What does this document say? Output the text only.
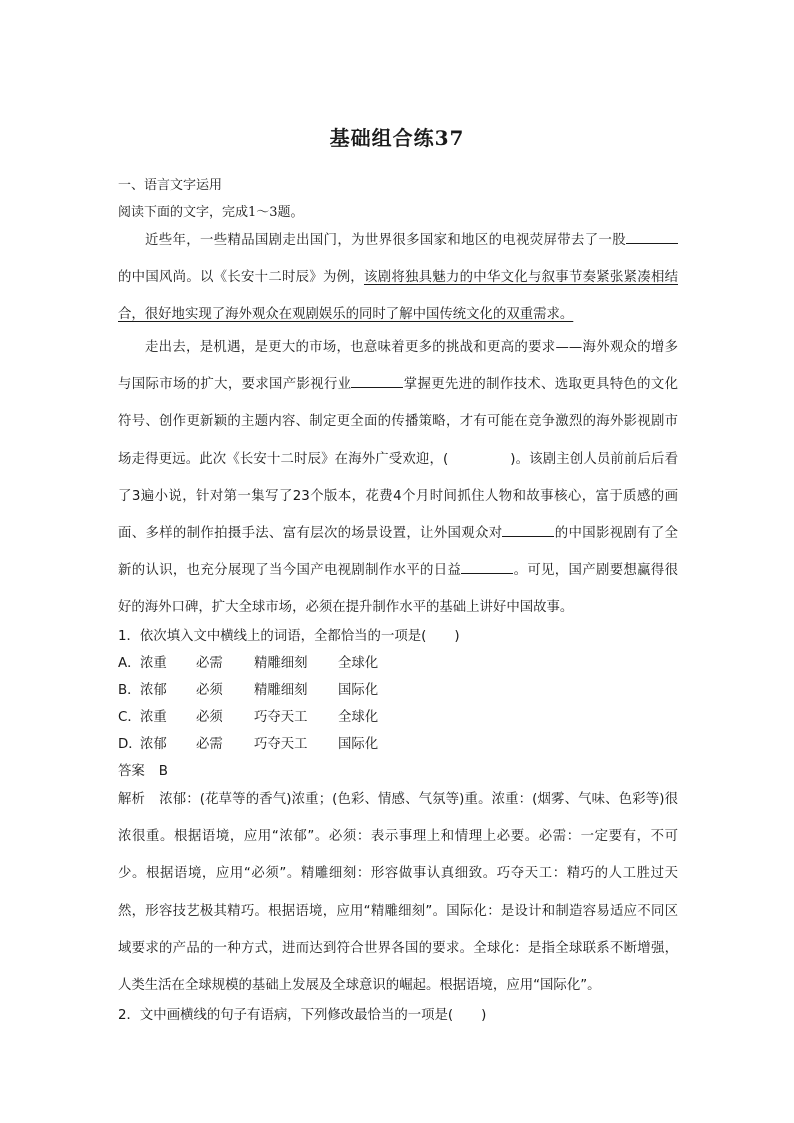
基础组合练37
一、语言文字运用
阅读下面的文字，完成1～3题。
近些年，一些精品国剧走出国门，为世界很多国家和地区的电视荧屏带去了一股的中国风尚。以《长安十二时辰》为例，该剧将独具魅力的中华文化与叙事节奏紧张紧凑相结合，很好地实现了海外观众在观剧娱乐的同时了解中国传统文化的双重需求。
走出去，是机遇，是更大的市场，也意味着更多的挑战和更高的要求——海外观众的增多与国际市场的扩大，要求国产影视行业	掌握更先进的制作技术、选取更具特色的文化符号、创作更新颖的主题内容、制定更全面的传播策略，才有可能在竞争激烈的海外影视剧市场走得更远。此次《长安十二时辰》在海外广受欢迎，(	)。该剧主创人员前前后后看了3遍小说，针对第一集写了23个版本，花费4个月时间抓住人物和故事核心，富于质感的画面、多样的制作拍摄手法、富有层次的场景设置，让外国观众对	的中国影视剧有了全新的认识，也充分展现了当今国产电视剧制作水平的日益	。可见，国产剧要想赢得很好的海外口碑，扩大全球市场，必须在提升制作水平的基础上讲好中国故事。
1．依次填入文中横线上的词语，全都恰当的一项是( )
A．浓重 必需 精雕细刻 全球化
B．浓郁 必须 精雕细刻 国际化
C．浓重 必须 巧夺天工 全球化
D．浓郁 必需 巧夺天工 国际化
答案 B
解析 浓郁：(花草等的香气)浓重；(色彩、情感、气氛等)重。浓重：(烟雾、气味、色彩等)很浓很重。根据语境，应用“浓郁”。必须：表示事理上和情理上必要。必需：一定要有，不可少。根据语境，应用“必须”。精雕细刻：形容做事认真细致。巧夺天工：精巧的人工胜过天然，形容技艺极其精巧。根据语境，应用“精雕细刻”。国际化：是设计和制造容易适应不同区域要求的产品的一种方式，进而达到符合世界各国的要求。全球化：是指全球联系不断增强，人类生活在全球规模的基础上发展及全球意识的崛起。根据语境，应用“国际化”。
2．文中画横线的句子有语病，下列修改最恰当的一项是( )
